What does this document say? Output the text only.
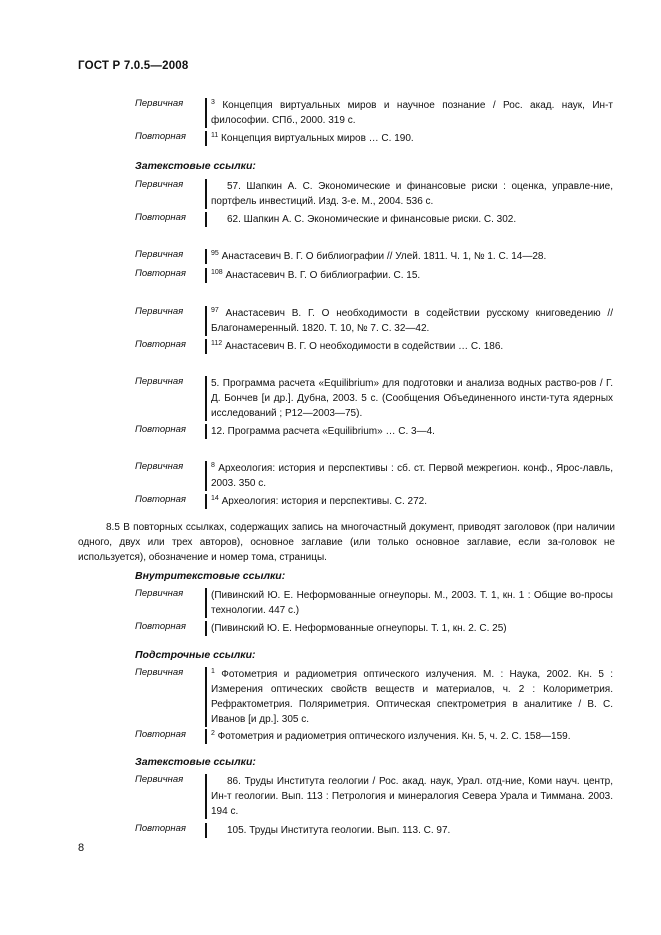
ГОСТ Р 7.0.5—2008
Первичная	$^3$ Концепция виртуальных миров и научное познание / Рос. акад. наук, Ин-т философии. СПб., 2000. 319 с.
Повторная	$^{11}$ Концепция виртуальных миров … С. 190.
Затекстовые ссылки:
Первичная	57. Шапкин А. С. Экономические и финансовые риски : оценка, управле-ние, портфель инвестиций. Изд. 3-е. М., 2004. 536 с.
Повторная	62. Шапкин А. С. Экономические и финансовые риски. С. 302.
Первичная	$^{95}$ Анастасевич В. Г. О библиографии // Улей. 1811. Ч. 1, № 1. С. 14—28.
Повторная	$^{108}$ Анастасевич В. Г. О библиографии. С. 15.
Первичная	$^{97}$ Анастасевич В. Г. О необходимости в содействии русскому книговедению // Благонамеренный. 1820. Т. 10, № 7. С. 32—42.
Повторная	$^{112}$ Анастасевич В. Г. О необходимости в содействии … С. 186.
Первичная	5. Программа расчета «Equilibrium» для подготовки и анализа водных раство-ров / Г. Д. Бончев [и др.]. Дубна, 2003. 5 с. (Сообщения Объединенного инсти-тута ядерных исследований ; Р12—2003—75).
Повторная	12. Программа расчета «Equilibrium» … С. 3—4.
Первичная	$^8$ Археология: история и перспективы : сб. ст. Первой межрегион. конф., Ярос-лавль, 2003. 350 с.
Повторная	$^{14}$ Археология: история и перспективы. С. 272.
8.5 В повторных ссылках, содержащих запись на многочастный документ, приводят заголовок (при наличии одного, двух или трех авторов), основное заглавие (или только основное заглавие, если за-головок не используется), обозначение и номер тома, страницы.
Внутритекстовые ссылки:
Первичная	(Пивинский Ю. Е. Неформованные огнеупоры. М., 2003. Т. 1, кн. 1 : Общие во-просы технологии. 447 с.)
Повторная	(Пивинский Ю. Е. Неформованные огнеупоры. Т. 1, кн. 2. С. 25)
Подстрочные ссылки:
Первичная	$^1$ Фотометрия и радиометрия оптического излучения. М. : Наука, 2002. Кн. 5 : Измерения оптических свойств веществ и материалов, ч. 2 : Колориметрия. Рефрактометрия. Поляриметрия. Оптическая спектрометрия в аналитике / В. С. Иванов [и др.]. 305 с.
Повторная	$^2$ Фотометрия и радиометрия оптического излучения. Кн. 5, ч. 2. С. 158—159.
Затекстовые ссылки:
Первичная	86. Труды Института геологии / Рос. акад. наук, Урал. отд-ние, Коми науч. центр, Ин-т геологии. Вып. 113 : Петрология и минералогия Севера Урала и Тиммана. 2003. 194 с.
Повторная	105. Труды Института геологии. Вып. 113. С. 97.
8
